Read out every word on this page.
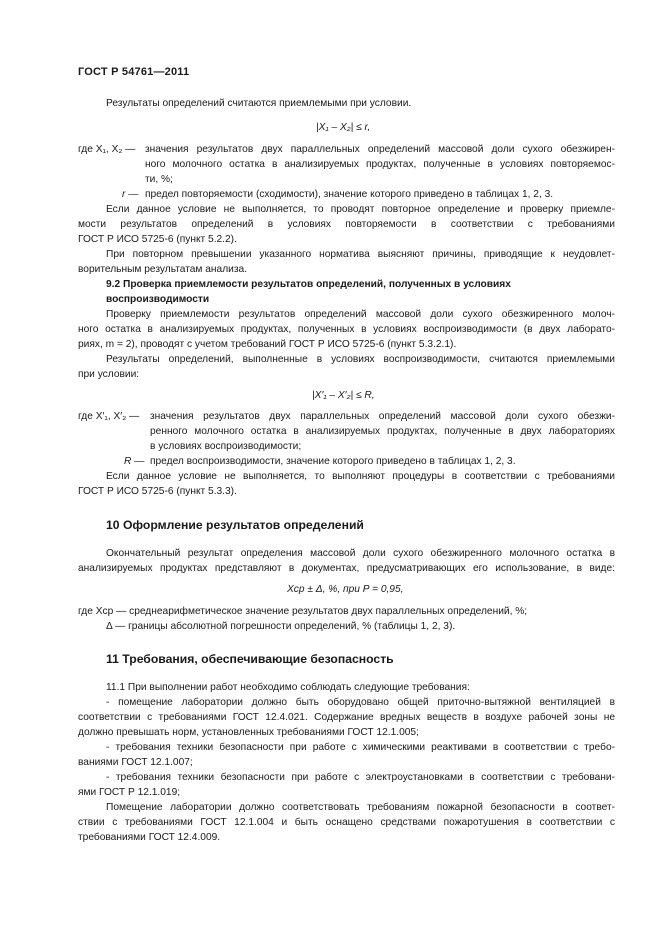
ГОСТ Р 54761—2011
Результаты определений считаются приемлемыми при условии.
|X₁ – X₂| ≤ r,
где X₁, X₂ — значения результатов двух параллельных определений массовой доли сухого обезжирен-
ного молочного остатка в анализируемых продуктах, полученные в условиях повторяемос-
ти, %;
r — предел повторяемости (сходимости), значение которого приведено в таблицах 1, 2, 3.
Если данное условие не выполняется, то проводят повторное определение и проверку приемле-
мости результатов определений в условиях повторяемости в соответствии с требованиями
ГОСТ Р ИСО 5725-6 (пункт 5.2.2).
При повторном превышении указанного норматива выясняют причины, приводящие к неудовлет-
ворительным результатам анализа.
9.2 Проверка приемлемости результатов определений, полученных в условиях
воспроизводимости
Проверку приемлемости результатов определений массовой доли сухого обезжиренного молоч-
ного остатка в анализируемых продуктах, полученных в условиях воспроизводимости (в двух лаборато-
риях, m = 2), проводят с учетом требований ГОСТ Р ИСО 5725-6 (пункт 5.3.2.1).
Результаты определений, выполненные в условиях воспроизводимости, считаются приемлемыми
при условии:
|X′₁ – X′₂| ≤ R,
где X′₁, X′₂ — значения результатов двух параллельных определений массовой доли сухого обезжи-
ренного молочного остатка в анализируемых продуктах, полученные в двух лабораториях
в условиях воспроизводимости;
R — предел воспроизводимости, значение которого приведено в таблицах 1, 2, 3.
Если данное условие не выполняется, то выполняют процедуры в соответствии с требованиями
ГОСТ Р ИСО 5725-6 (пункт 5.3.3).
10 Оформление результатов определений
Окончательный результат определения массовой доли сухого обезжиренного молочного остатка в
анализируемых продуктах представляют в документах, предусматривающих его использование, в виде:
Xср ± Δ, %, при P = 0,95,
где Xср — среднеарифметическое значение результатов двух параллельных определений, %;
Δ — границы абсолютной погрешности определений, % (таблицы 1, 2, 3).
11 Требования, обеспечивающие безопасность
11.1 При выполнении работ необходимо соблюдать следующие требования:
- помещение лаборатории должно быть оборудовано общей приточно-вытяжной вентиляцией в
соответствии с требованиями ГОСТ 12.4.021. Содержание вредных веществ в воздухе рабочей зоны не
должно превышать норм, установленных требованиями ГОСТ 12.1.005;
- требования техники безопасности при работе с химическими реактивами в соответствии с требо-
ваниями ГОСТ 12.1.007;
- требования техники безопасности при работе с электроустановками в соответствии с требовани-
ями ГОСТ Р 12.1.019;
Помещение лаборатории должно соответствовать требованиям пожарной безопасности в соответ-
ствии с требованиями ГОСТ 12.1.004 и быть оснащено средствами пожаротушения в соответствии с
требованиями ГОСТ 12.4.009.
